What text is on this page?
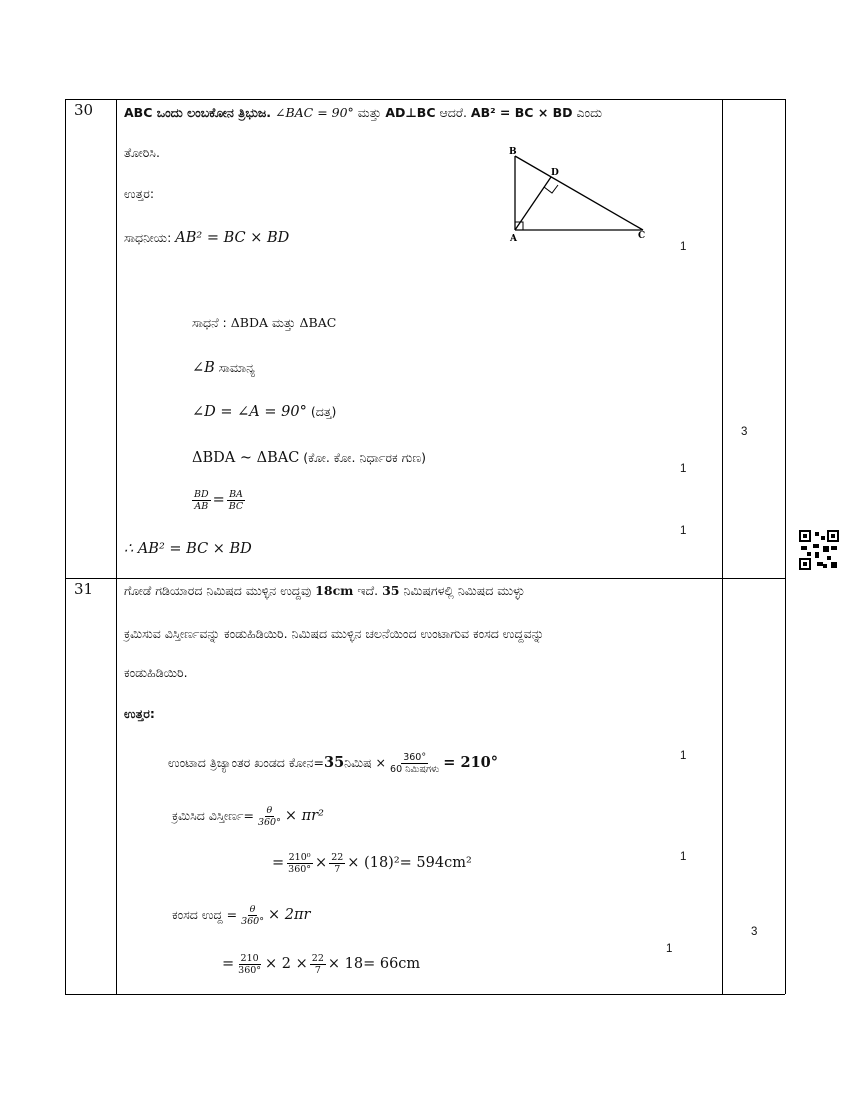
30 ABC ಒಂದು ಲಂಬಕೋನ ತ್ರಿಭುಜ. ∠BAC = 90° ಮತ್ತು AD⊥BC ಆದರೆ. AB² = BC × BD ಎಂದು
ತೋರಿಸಿ.
ಉತ್ತರ:
ಸಾಧನೀಯ: AB² = BC × BD
B
D
A	C
1
ಸಾಧನೆ : ΔBDA ಮತ್ತು ΔBAC
∠B ಸಾಮಾನ್ಯ
∠D = ∠A = 90° (ದತ್ತ)
ΔBDA ~ ΔBAC (ಕೋ. ಕೋ. ನಿರ್ಧಾರಕ ಗುಣ)
$\frac{BD}{AB} = \frac{BA}{BC}$
∴ AB² = BC × BD
1
1
3
31 ಗೋಡೆ ಗಡಿಯಾರದ ನಿಮಿಷದ ಮುಳ್ಳಿನ ಉದ್ದವು 18cm ಇದೆ. 35 ನಿಮಿಷಗಳಲ್ಲಿ ನಿಮಿಷದ ಮುಳ್ಳು
ಕ್ರಮಿಸುವ ವಿಸ್ತೀರ್ಣವನ್ನು ಕಂಡುಹಿಡಿಯಿರಿ. ನಿಮಿಷದ ಮುಳ್ಳಿನ ಚಲನೆಯಿಂದ ಉಂಟಾಗುವ ಕಂಸದ ಉದ್ದವನ್ನು
ಕಂಡುಹಿಡಿಯಿರಿ.
ಉತ್ತರ:
ಉಂಟಾದ ತ್ರಿಜ್ಯಾಂತರ ಖಂಡದ ಕೋನ=35ನಿಮಿಷ × $\frac{360^\circ}{\text{60 ನಿಮಿಷಗಳು}} = 210^\circ$
ಕ್ರಮಿಸಿದ ವಿಸ್ತೀರ್ಣ= $\frac{\theta}{360^\circ} \times \pi r^2$
= $\frac{\text{210⁰}}{360^\circ} \times \frac{22}{7} \times (18)^2= 594cm^2$
ಕಂಸದ ಉದ್ದ = $\frac{\theta}{360^\circ} \times 2\pi r$
= $\frac{210}{360^\circ} \times 2 \times \frac{22}{7} \times 18= 66cm$
1
1
1
3
